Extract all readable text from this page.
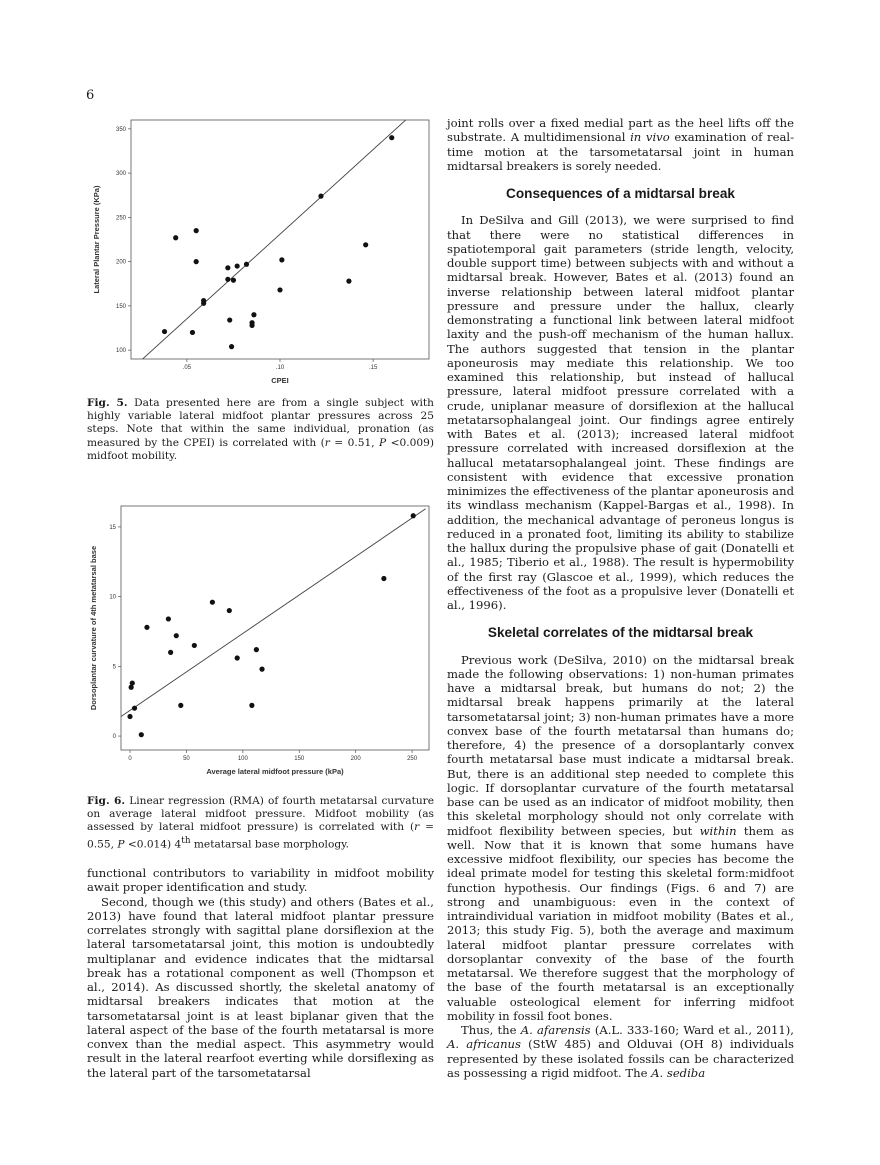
6
.05	.10	.15
100
150
200
250
300
350
CPEI
Lateral Plantar Pressure (KPa)
Fig. 5. Data presented here are from a single subject with highly variable lateral midfoot plantar pressures across 25 steps. Note that within the same individual, pronation (as measured by the CPEI) is correlated with (r = 0.51, P <0.009) midfoot mobility.
0	50	100	150	200	250
0
5
10
15
Average lateral midfoot pressure (kPa)
Dorsoplantar curvature of 4th metatarsal base
Fig. 6. Linear regression (RMA) of fourth metatarsal curvature on average lateral midfoot pressure. Midfoot mobility (as assessed by lateral midfoot pressure) is correlated with (r = 0.55, P <0.014) 4th metatarsal base morphology.

functional contributors to variability in midfoot mobility await proper identification and study.

Second, though we (this study) and others (Bates et al., 2013) have found that lateral midfoot plantar pressure correlates strongly with sagittal plane dorsiflexion at the lateral tarsometatarsal joint, this motion is undoubtedly multiplanar and evidence indicates that the midtarsal break has a rotational component as well (Thompson et al., 2014). As discussed shortly, the skeletal anatomy of midtarsal breakers indicates that motion at the tarsometatarsal joint is at least biplanar given that the lateral aspect of the base of the fourth metatarsal is more convex than the medial aspect. This asymmetry would result in the lateral rearfoot everting while dorsiflexing as the lateral part of the tarsometatarsal

joint rolls over a fixed medial part as the heel lifts off the substrate. A multidimensional in vivo examination of real-time motion at the tarsometatarsal joint in human midtarsal breakers is sorely needed.

Consequences of a midtarsal break

In DeSilva and Gill (2013), we were surprised to find that there were no statistical differences in spatiotemporal gait parameters (stride length, velocity, double support time) between subjects with and without a midtarsal break. However, Bates et al. (2013) found an inverse relationship between lateral midfoot plantar pressure and pressure under the hallux, clearly demonstrating a functional link between lateral midfoot laxity and the push-off mechanism of the human hallux. The authors suggested that tension in the plantar aponeurosis may mediate this relationship. We too examined this relationship, but instead of hallucal pressure, lateral midfoot pressure correlated with a crude, uniplanar measure of dorsiflexion at the hallucal metatarsophalangeal joint. Our findings agree entirely with Bates et al. (2013); increased lateral midfoot pressure correlated with increased dorsiflexion at the hallucal metatarsophalangeal joint. These findings are consistent with evidence that excessive pronation minimizes the effectiveness of the plantar aponeurosis and its windlass mechanism (Kappel-Bargas et al., 1998). In addition, the mechanical advantage of peroneus longus is reduced in a pronated foot, limiting its ability to stabilize the hallux during the propulsive phase of gait (Donatelli et al., 1985; Tiberio et al., 1988). The result is hypermobility of the first ray (Glascoe et al., 1999), which reduces the effectiveness of the foot as a propulsive lever (Donatelli et al., 1996).

Skeletal correlates of the midtarsal break

Previous work (DeSilva, 2010) on the midtarsal break made the following observations: 1) non-human primates have a midtarsal break, but humans do not; 2) the midtarsal break happens primarily at the lateral tarsometatarsal joint; 3) non-human primates have a more convex base of the fourth metatarsal than humans do; therefore, 4) the presence of a dorsoplantarly convex fourth metatarsal base must indicate a midtarsal break. But, there is an additional step needed to complete this logic. If dorsoplantar curvature of the fourth metatarsal base can be used as an indicator of midfoot mobility, then this skeletal morphology should not only correlate with midfoot flexibility between species, but within them as well. Now that it is known that some humans have excessive midfoot flexibility, our species has become the ideal primate model for testing this skeletal form:midfoot function hypothesis. Our findings (Figs. 6 and 7) are strong and unambiguous: even in the context of intraindividual variation in midfoot mobility (Bates et al., 2013; this study Fig. 5), both the average and maximum lateral midfoot plantar pressure correlates with dorsoplantar convexity of the base of the fourth metatarsal. We therefore suggest that the morphology of the base of the fourth metatarsal is an exceptionally valuable osteological element for inferring midfoot mobility in fossil foot bones.

Thus, the A. afarensis (A.L. 333-160; Ward et al., 2011), A. africanus (StW 485) and Olduvai (OH 8) individuals represented by these isolated fossils can be characterized as possessing a rigid midfoot. The A. sediba
